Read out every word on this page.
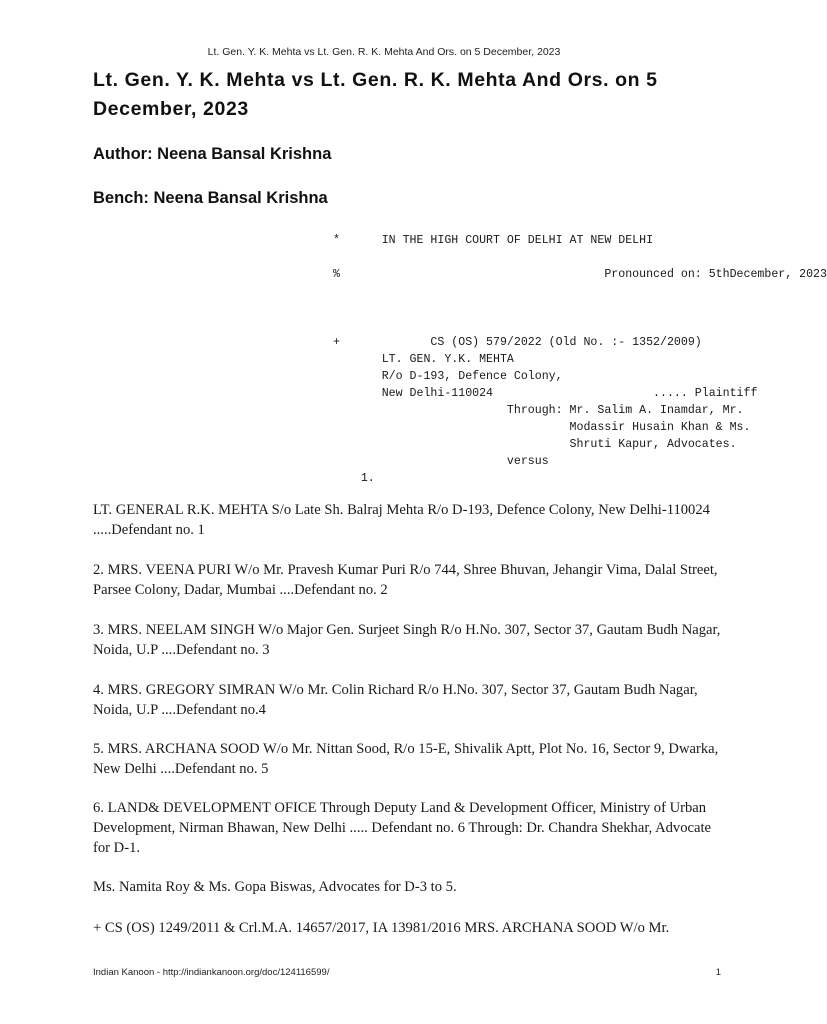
Lt. Gen. Y. K. Mehta vs Lt. Gen. R. K. Mehta And Ors. on 5 December, 2023
Lt. Gen. Y. K. Mehta vs Lt. Gen. R. K. Mehta And Ors. on 5 December, 2023

Author: Neena Bansal Krishna

Bench: Neena Bansal Krishna

*      IN THE HIGH COURT OF DELHI AT NEW DELHI

%                                      Pronounced on: 5thDecember, 2023

+             CS (OS) 579/2022 (Old No. :- 1352/2009)
LT. GEN. Y.K. MEHTA
R/o D-193, Defence Colony,
New Delhi-110024                       ..... Plaintiff
Through: Mr. Salim A. Inamdar, Mr.
Modassir Husain Khan & Ms.
Shruti Kapur, Advocates.
versus
1.

LT. GENERAL R.K. MEHTA S/o Late Sh. Balraj Mehta R/o D-193, Defence Colony, New Delhi-110024 .....Defendant no. 1

2. MRS. VEENA PURI W/o Mr. Pravesh Kumar Puri R/o 744, Shree Bhuvan, Jehangir Vima, Dalal Street, Parsee Colony, Dadar, Mumbai ....Defendant no. 2

3. MRS. NEELAM SINGH W/o Major Gen. Surjeet Singh R/o H.No. 307, Sector 37, Gautam Budh Nagar, Noida, U.P ....Defendant no. 3

4. MRS. GREGORY SIMRAN W/o Mr. Colin Richard R/o H.No. 307, Sector 37, Gautam Budh Nagar, Noida, U.P ....Defendant no.4

5. MRS. ARCHANA SOOD W/o Mr. Nittan Sood, R/o 15-E, Shivalik Aptt, Plot No. 16, Sector 9, Dwarka, New Delhi ....Defendant no. 5

6. LAND& DEVELOPMENT OFICE Through Deputy Land & Development Officer, Ministry of Urban Development, Nirman Bhawan, New Delhi ..... Defendant no. 6 Through: Dr. Chandra Shekhar, Advocate for D-1.

Ms. Namita Roy & Ms. Gopa Biswas, Advocates for D-3 to 5.

+ CS (OS) 1249/2011 & Crl.M.A. 14657/2017, IA 13981/2016 MRS. ARCHANA SOOD W/o Mr.

Indian Kanoon - http://indiankanoon.org/doc/124116599/	1
